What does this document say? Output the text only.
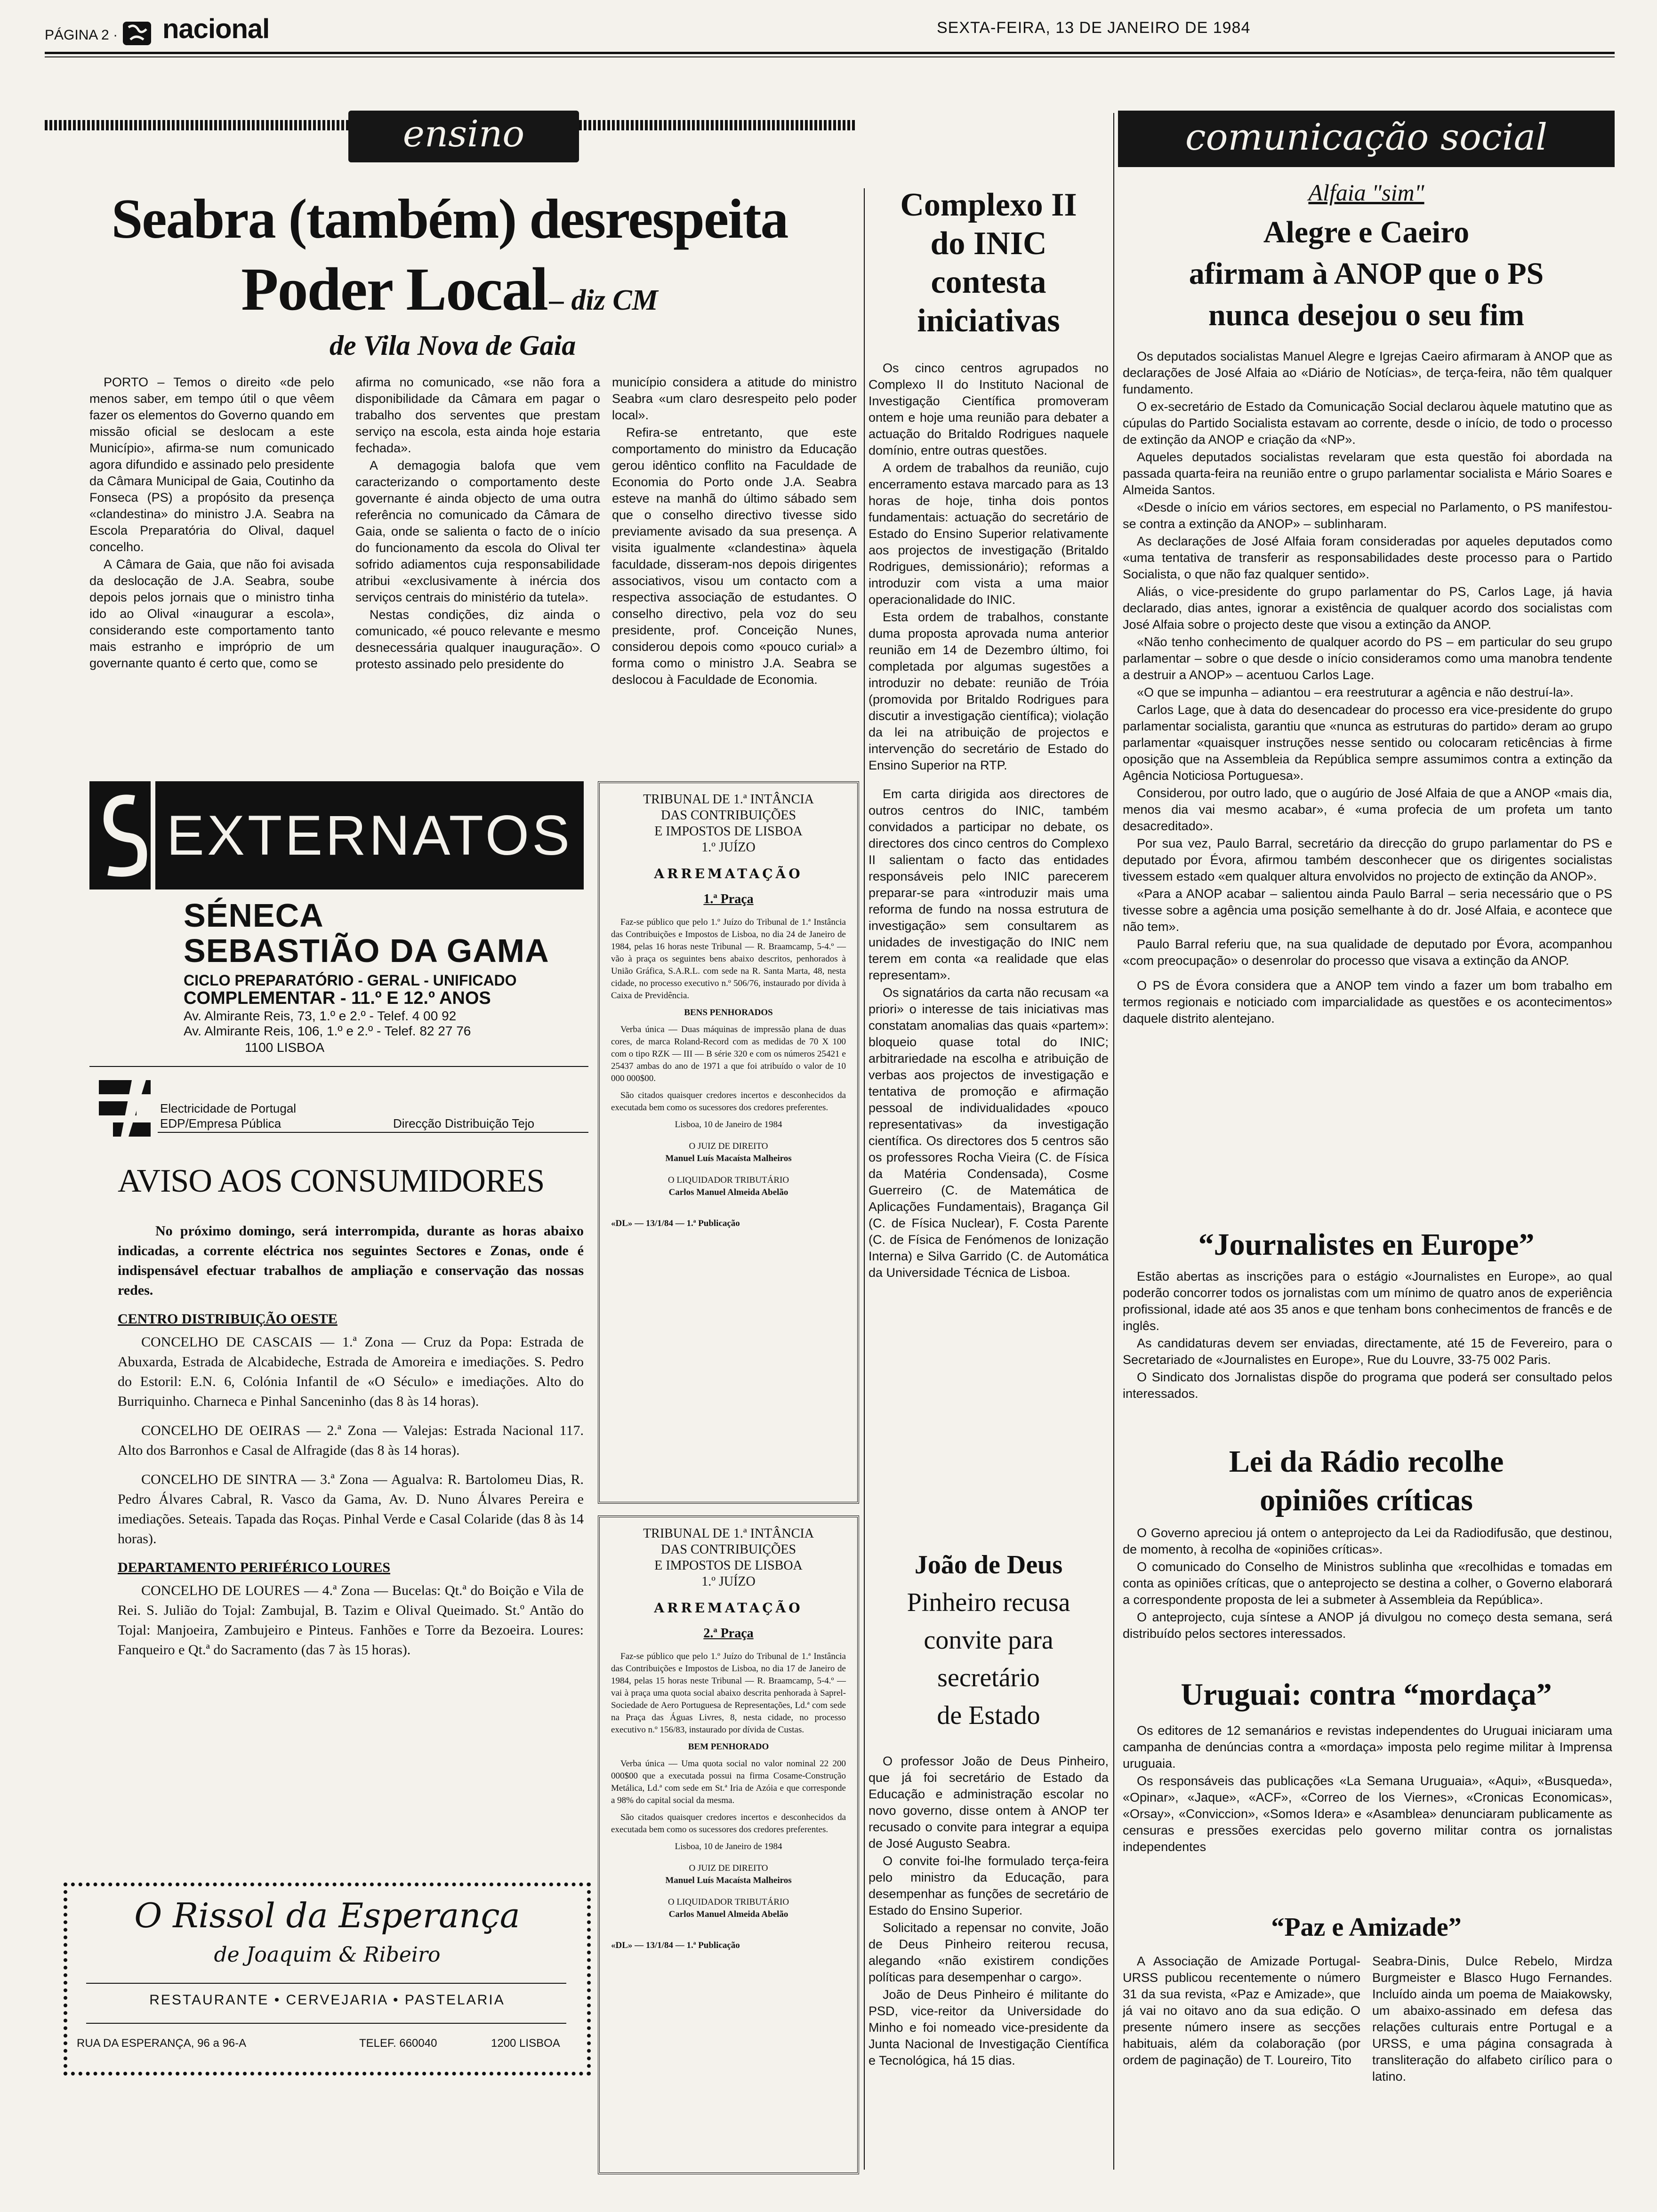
PÁGINA 2 · nacional	SEXTA-FEIRA, 13 DE JANEIRO DE 1984
ensino
Seabra (também) desrespeita
Poder Local – diz CM
de Vila Nova de Gaia

PORTO – Temos o direito «de pelo menos saber, em tempo útil o que vêem fazer os elementos do Governo quando em missão oficial se deslocam a este Município», afirma-se num comunicado agora difundido e assinado pelo presidente da Câmara Municipal de Gaia, Coutinho da Fonseca (PS) a propósito da presença «clandestina» do ministro J.A. Seabra na Escola Preparatória do Olival, daquel concelho.

A Câmara de Gaia, que não foi avisada da deslocação de J.A. Seabra, soube depois pelos jornais que o ministro tinha ido ao Olival «inaugurar a escola», considerando este comportamento tanto mais estranho e impróprio de um governante quanto é certo que, como se

afirma no comunicado, «se não fora a disponibilidade da Câmara em pagar o trabalho dos serventes que prestam serviço na escola, esta ainda hoje estaria fechada».

A demagogia balofa que vem caracterizando o comportamento deste governante é ainda objecto de uma outra referência no comunicado da Câmara de Gaia, onde se salienta o facto de o início do funcionamento da escola do Olival ter sofrido adiamentos cuja responsabilidade atribui «exclusivamente à inércia dos serviços centrais do ministério da tutela».

Nestas condições, diz ainda o comunicado, «é pouco relevante e mesmo desnecessária qualquer inauguração». O protesto assinado pelo presidente do

município considera a atitude do ministro Seabra «um claro desrespeito pelo poder local».

Refira-se entretanto, que este comportamento do ministro da Educação gerou idêntico conflito na Faculdade de Economia do Porto onde J.A. Seabra esteve na manhã do último sábado sem que o conselho directivo tivesse sido previamente avisado da sua presença. A visita igualmente «clandestina» àquela faculdade, disseram-nos depois dirigentes associativos, visou um contacto com a respectiva associação de estudantes. O conselho directivo, pela voz do seu presidente, prof. Conceição Nunes, considerou depois como «pouco curial» a forma como o ministro J.A. Seabra se deslocou à Faculdade de Economia.

Complexo II
do INIC
contesta
iniciativas

Os cinco centros agrupados no Complexo II do Instituto Nacional de Investigação Científica promoveram ontem e hoje uma reunião para debater a actuação do Britaldo Rodrigues naquele domínio, entre outras questões.

A ordem de trabalhos da reunião, cujo encerramento estava marcado para as 13 horas de hoje, tinha dois pontos fundamentais: actuação do secretário de Estado do Ensino Superior relativamente aos projectos de investigação (Britaldo Rodrigues, demissionário); reformas a introduzir com vista a uma maior operacionalidade do INIC.

Esta ordem de trabalhos, constante duma proposta aprovada numa anterior reunião em 14 de Dezembro último, foi completada por algumas sugestões a introduzir no debate: reunião de Tróia (promovida por Britaldo Rodrigues para discutir a investigação científica); violação da lei na atribuição de projectos e intervenção do secretário de Estado do Ensino Superior na RTP.

Em carta dirigida aos directores de outros centros do INIC, também convidados a participar no debate, os directores dos cinco centros do Complexo II salientam o facto das entidades responsáveis pelo INIC parecerem preparar-se para «introduzir mais uma reforma de fundo na nossa estrutura de investigação» sem consultarem as unidades de investigação do INIC nem terem em conta «a realidade que elas representam».

Os signatários da carta não recusam «a priori» o interesse de tais iniciativas mas constatam anomalias das quais «partem»: bloqueio quase total do INIC; arbitrariedade na escolha e atribuição de verbas aos projectos de investigação e tentativa de promoção e afirmação pessoal de individualidades «pouco representativas» da investigação científica. Os directores dos 5 centros são os professores Rocha Vieira (C. de Física da Matéria Condensada), Cosme Guerreiro (C. de Matemática de Aplicações Fundamentais), Bragança Gil (C. de Física Nuclear), F. Costa Parente (C. de Física de Fenómenos de Ionização Interna) e Silva Garrido (C. de Automática da Universidade Técnica de Lisboa.

João de Deus
Pinheiro recusa
convite para
secretário
de Estado

O professor João de Deus Pinheiro, que já foi secretário de Estado da Educação e administração escolar no novo governo, disse ontem à ANOP ter recusado o convite para integrar a equipa de José Augusto Seabra.

O convite foi-lhe formulado terça-feira pelo ministro da Educação, para desempenhar as funções de secretário de Estado do Ensino Superior.

Solicitado a repensar no convite, João de Deus Pinheiro reiterou recusa, alegando «não existirem condições políticas para desempenhar o cargo».

João de Deus Pinheiro é militante do PSD, vice-reitor da Universidade do Minho e foi nomeado vice-presidente da Junta Nacional de Investigação Científica e Tecnológica, há 15 dias.

EXTERNATOS
SÉNECA
SEBASTIÃO DA GAMA
CICLO PREPARATÓRIO - GERAL - UNIFICADO
COMPLEMENTAR - 11.º E 12.º ANOS
Av. Almirante Reis, 73, 1.º e 2.º - Telef. 4 00 92
Av. Almirante Reis, 106, 1.º e 2.º - Telef. 82 27 76
1100 LISBOA
Electricidade de Portugal
EDP/Empresa Pública	Direcção Distribuição Tejo
AVISO AOS CONSUMIDORES

No próximo domingo, será interrompida, durante as horas abaixo indicadas, a corrente eléctrica nos seguintes Sectores e Zonas, onde é indispensável efectuar trabalhos de ampliação e conservação das nossas redes.

CENTRO DISTRIBUIÇÃO OESTE

CONCELHO DE CASCAIS — 1.ª Zona — Cruz da Popa: Estrada de Abuxarda, Estrada de Alcabideche, Estrada de Amoreira e imediações. S. Pedro do Estoril: E.N. 6, Colónia Infantil de «O Século» e imediações. Alto do Burriquinho. Charneca e Pinhal Sanceninho (das 8 às 14 horas).

CONCELHO DE OEIRAS — 2.ª Zona — Valejas: Estrada Nacional 117. Alto dos Barronhos e Casal de Alfragide (das 8 às 14 horas).

CONCELHO DE SINTRA — 3.ª Zona — Agualva: R. Bartolomeu Dias, R. Pedro Álvares Cabral, R. Vasco da Gama, Av. D. Nuno Álvares Pereira e imediações. Seteais. Tapada das Roças. Pinhal Verde e Casal Colaride (das 8 às 14 horas).

DEPARTAMENTO PERIFÉRICO LOURES

CONCELHO DE LOURES — 4.ª Zona — Bucelas: Qt.ª do Boição e Vila de Rei. S. Julião do Tojal: Zambujal, B. Tazim e Olival Queimado. St.º Antão do Tojal: Manjoeira, Zambujeiro e Pinteus. Fanhões e Torre da Bezoeira. Loures: Fanqueiro e Qt.ª do Sacramento (das 7 às 15 horas).

O Rissol da Esperança
de Joaquim & Ribeiro
RESTAURANTE • CERVEJARIA • PASTELARIA
RUA DA ESPERANÇA, 96 a 96-A	TELEF. 660040	1200 LISBOA
TRIBUNAL DE 1.ª INTÂNCIA
DAS CONTRIBUIÇÕES
E IMPOSTOS DE LISBOA
1.º JUÍZO
ARREMATAÇÃO
1.ª Praça

Faz-se público que pelo 1.º Juízo do Tribunal de 1.ª Instância das Contribuições e Impostos de Lisboa, no dia 24 de Janeiro de 1984, pelas 16 horas neste Tribunal — R. Braamcamp, 5-4.º — vão à praça os seguintes bens abaixo descritos, penhorados à União Gráfica, S.A.R.L. com sede na R. Santa Marta, 48, nesta cidade, no processo executivo n.º 506/76, instaurado por dívida à Caixa de Previdência.

BENS PENHORADOS

Verba única — Duas máquinas de impressão plana de duas cores, de marca Roland-Record com as medidas de 70 X 100 com o tipo RZK — III — B série 320 e com os números 25421 e 25437 ambas do ano de 1971 a que foi atribuído o valor de 10 000 000$00.

São citados quaisquer credores incertos e desconhecidos da executada bem como os sucessores dos credores preferentes.

Lisboa, 10 de Janeiro de 1984

O JUIZ DE DIREITO

Manuel Luís Macaísta Malheiros

O LIQUIDADOR TRIBUTÁRIO

Carlos Manuel Almeida Abelão

«DL» — 13/1/84 — 1.ª Publicação

TRIBUNAL DE 1.ª INTÂNCIA
DAS CONTRIBUIÇÕES
E IMPOSTOS DE LISBOA
1.º JUÍZO
ARREMATAÇÃO
2.ª Praça

Faz-se público que pelo 1.º Juízo do Tribunal de 1.ª Instância das Contribuições e Impostos de Lisboa, no dia 17 de Janeiro de 1984, pelas 15 horas neste Tribunal — R. Braamcamp, 5-4.º — vai à praça uma quota social abaixo descrita penhorada à Saprel-Sociedade de Aero Portuguesa de Representações, Ld.ª com sede na Praça das Águas Livres, 8, nesta cidade, no processo executivo n.º 156/83, instaurado por dívida de Custas.

BEM PENHORADO

Verba única — Uma quota social no valor nominal 22 200 000$00 que a executada possui na firma Cosame-Construção Metálica, Ld.ª com sede em St.ª Iria de Azóia e que corresponde a 98% do capital social da mesma.

São citados quaisquer credores incertos e desconhecidos da executada bem como os sucessores dos credores preferentes.

Lisboa, 10 de Janeiro de 1984

O JUIZ DE DIREITO

Manuel Luís Macaísta Malheiros

O LIQUIDADOR TRIBUTÁRIO

Carlos Manuel Almeida Abelão

«DL» — 13/1/84 — 1.ª Publicação

comunicação social
Alfaia "sim"
Alegre e Caeiro
afirmam à ANOP que o PS
nunca desejou o seu fim

Os deputados socialistas Manuel Alegre e Igrejas Caeiro afirmaram à ANOP que as declarações de José Alfaia ao «Diário de Notícias», de terça-feira, não têm qualquer fundamento.

O ex-secretário de Estado da Comunicação Social declarou àquele matutino que as cúpulas do Partido Socialista estavam ao corrente, desde o início, de todo o processo de extinção da ANOP e criação da «NP».

Aqueles deputados socialistas revelaram que esta questão foi abordada na passada quarta-feira na reunião entre o grupo parlamentar socialista e Mário Soares e Almeida Santos.

«Desde o início em vários sectores, em especial no Parlamento, o PS manifestou-se contra a extinção da ANOP» – sublinharam.

As declarações de José Alfaia foram consideradas por aqueles deputados como «uma tentativa de transferir as responsabilidades deste processo para o Partido Socialista, o que não faz qualquer sentido».

Aliás, o vice-presidente do grupo parlamentar do PS, Carlos Lage, já havia declarado, dias antes, ignorar a existência de qualquer acordo dos socialistas com José Alfaia sobre o projecto deste que visou a extinção da ANOP.

«Não tenho conhecimento de qualquer acordo do PS – em particular do seu grupo parlamentar – sobre o que desde o início consideramos como uma manobra tendente a destruir a ANOP» – acentuou Carlos Lage.

«O que se impunha – adiantou – era reestruturar a agência e não destruí-la».

Carlos Lage, que à data do desencadear do processo era vice-presidente do grupo parlamentar socialista, garantiu que «nunca as estruturas do partido» deram ao grupo parlamentar «quaisquer instruções nesse sentido ou colocaram reticências à firme oposição que na Assembleia da República sempre assumimos contra a extinção da Agência Noticiosa Portuguesa».

Considerou, por outro lado, que o augúrio de José Alfaia de que a ANOP «mais dia, menos dia vai mesmo acabar», é «uma profecia de um profeta um tanto desacreditado».

Por sua vez, Paulo Barral, secretário da direcção do grupo parlamentar do PS e deputado por Évora, afirmou também desconhecer que os dirigentes socialistas tivessem estado «em qualquer altura envolvidos no projecto de extinção da ANOP».

«Para a ANOP acabar – salientou ainda Paulo Barral – seria necessário que o PS tivesse sobre a agência uma posição semelhante à do dr. José Alfaia, e acontece que não tem».

Paulo Barral referiu que, na sua qualidade de deputado por Évora, acompanhou «com preocupação» o desenrolar do processo que visava a extinção da ANOP.

O PS de Évora considera que a ANOP tem vindo a fazer um bom trabalho em termos regionais e noticiado com imparcialidade as questões e os acontecimentos» daquele distrito alentejano.

“Journalistes en Europe”

Estão abertas as inscrições para o estágio «Journalistes en Europe», ao qual poderão concorrer todos os jornalistas com um mínimo de quatro anos de experiência profissional, idade até aos 35 anos e que tenham bons conhecimentos de francês e de inglês.

As candidaturas devem ser enviadas, directamente, até 15 de Fevereiro, para o Secretariado de «Journalistes en Europe», Rue du Louvre, 33-75 002 Paris.

O Sindicato dos Jornalistas dispõe do programa que poderá ser consultado pelos interessados.

Lei da Rádio recolhe
opiniões críticas

O Governo apreciou já ontem o anteprojecto da Lei da Radiodifusão, que destinou, de momento, à recolha de «opiniões críticas».

O comunicado do Conselho de Ministros sublinha que «recolhidas e tomadas em conta as opiniões críticas, que o anteprojecto se destina a colher, o Governo elaborará a correspondente proposta de lei a submeter à Assembleia da República».

O anteprojecto, cuja síntese a ANOP já divulgou no começo desta semana, será distribuído pelos sectores interessados.

Uruguai: contra “mordaça”

Os editores de 12 semanários e revistas independentes do Uruguai iniciaram uma campanha de denúncias contra a «mordaça» imposta pelo regime militar à Imprensa uruguaia.

Os responsáveis das publicações «La Semana Uruguaia», «Aqui», «Busqueda», «Opinar», «Jaque», «ACF», «Correo de los Viernes», «Cronicas Economicas», «Orsay», «Conviccion», «Somos Idera» e «Asamblea» denunciaram publicamente as censuras e pressões exercidas pelo governo militar contra os jornalistas independentes

“Paz e Amizade”

A Associação de Amizade Portugal-URSS publicou recentemente o número 31 da sua revista, «Paz e Amizade», que já vai no oitavo ano da sua edição. O presente número insere as secções habituais, além da colaboração (por ordem de paginação) de T. Loureiro, Tito

Seabra-Dinis, Dulce Rebelo, Mirdza Burgmeister e Blasco Hugo Fernandes. Incluído ainda um poema de Maiakowsky, um abaixo-assinado em defesa das relações culturais entre Portugal e a URSS, e uma página consagrada à transliteração do alfabeto cirílico para o latino.
